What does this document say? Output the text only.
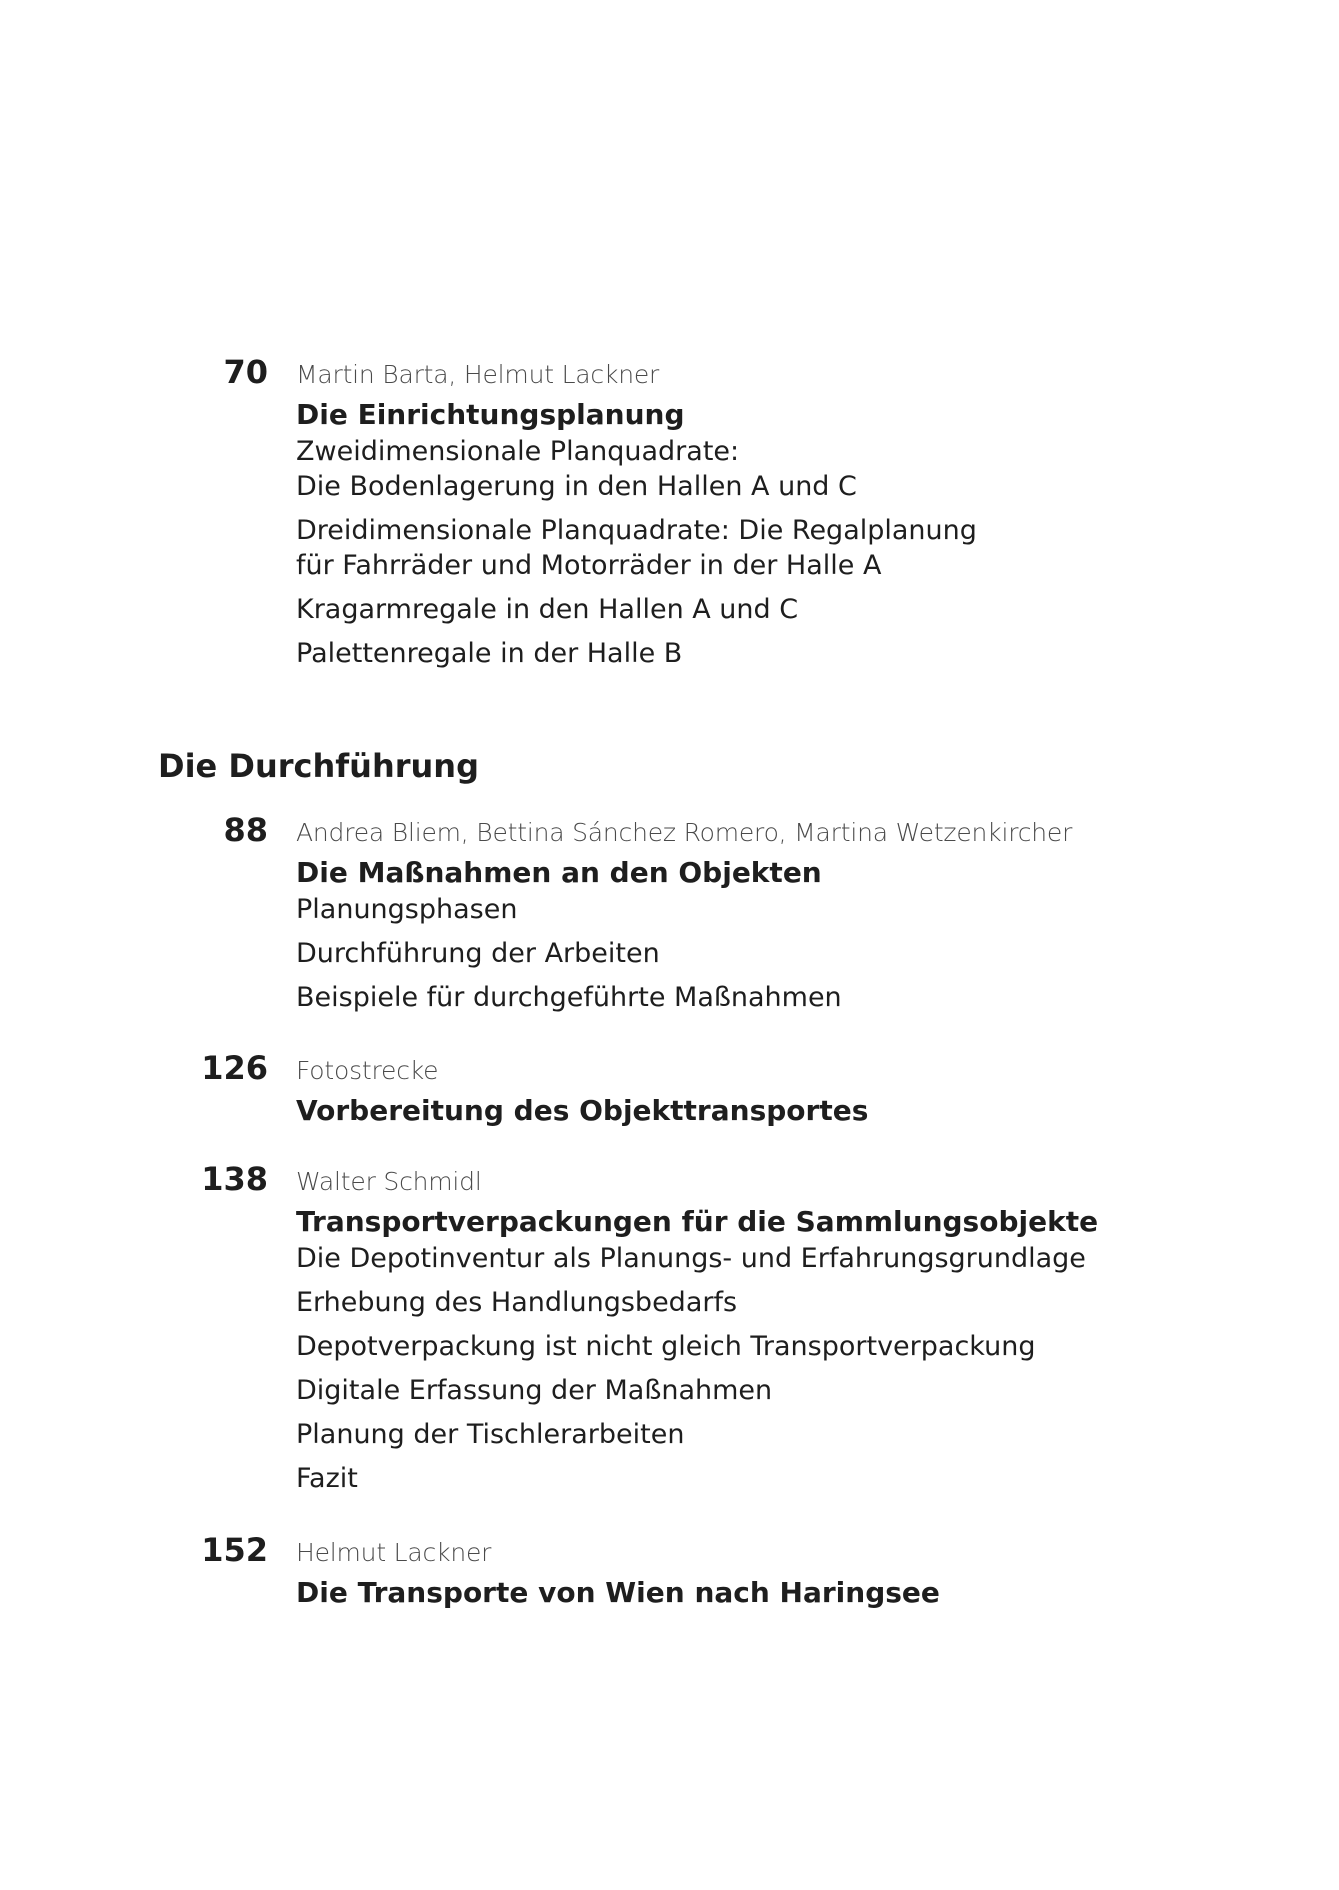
70 Martin Barta, Helmut Lackner
Die Einrichtungsplanung
Zweidimensionale Planquadrate:
Die Bodenlagerung in den Hallen A und C
Dreidimensionale Planquadrate: Die Regalplanung
für Fahrräder und Motorräder in der Halle A
Kragarmregale in den Hallen A und C
Palettenregale in der Halle B
Die Durchführung
88 Andrea Bliem, Bettina Sánchez Romero, Martina Wetzenkircher
Die Maßnahmen an den Objekten
Planungsphasen
Durchführung der Arbeiten
Beispiele für durchgeführte Maßnahmen
126 Fotostrecke
Vorbereitung des Objekttransportes
138 Walter Schmidl
Transportverpackungen für die Sammlungsobjekte
Die Depotinventur als Planungs- und Erfahrungsgrundlage
Erhebung des Handlungsbedarfs
Depotverpackung ist nicht gleich Transportverpackung
Digitale Erfassung der Maßnahmen
Planung der Tischlerarbeiten
Fazit
152 Helmut Lackner
Die Transporte von Wien nach Haringsee
